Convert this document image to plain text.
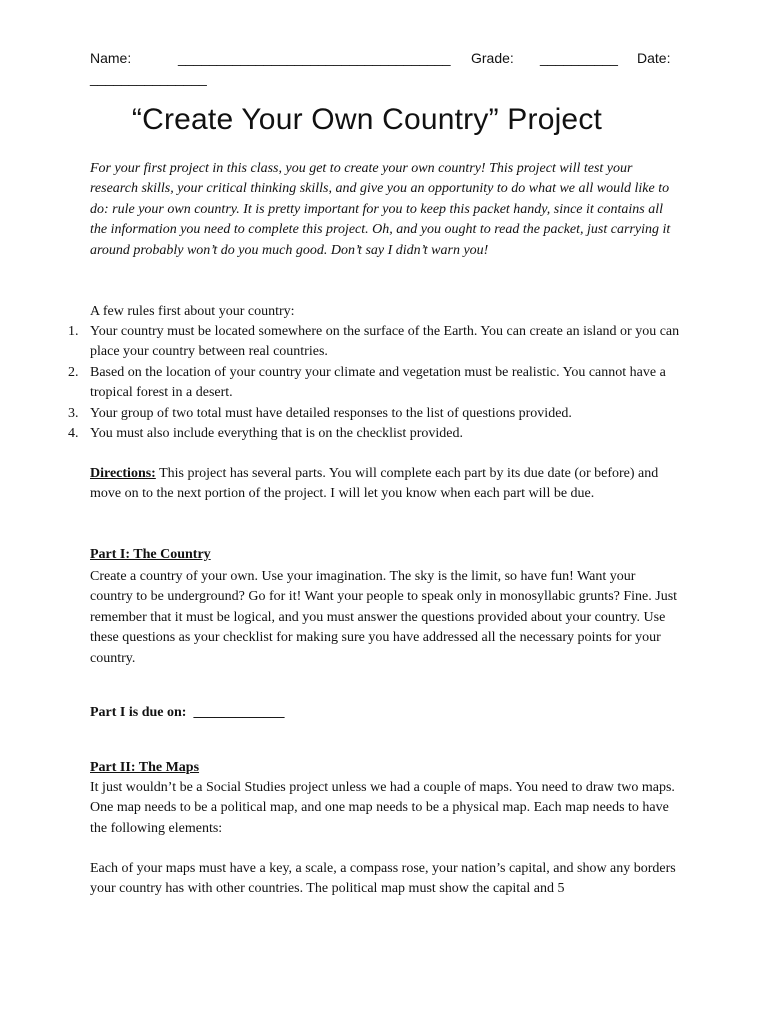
Name:	___________________________________ Grade: __________ Date:
_______________
“Create Your Own Country” Project

For your first project in this class, you get to create your own country! This project will test your research skills, your critical thinking skills, and give you an opportunity to do what we all would like to do: rule your own country. It is pretty important for you to keep this packet handy, since it contains all the information you need to complete this project. Oh, and you ought to read the packet, just carrying it around probably won’t do you much good. Don’t say I didn’t warn you!

A few rules first about your country:

1. Your country must be located somewhere on the surface of the Earth. You can create an island or you can place your country between real countries.
2. Based on the location of your country your climate and vegetation must be realistic. You cannot have a tropical forest in a desert.
3. Your group of two total must have detailed responses to the list of questions provided.
4. You must also include everything that is on the checklist provided.

Directions: This project has several parts. You will complete each part by its due date (or before) and move on to the next portion of the project. I will let you know when each part will be due.

Part I: The Country

Create a country of your own. Use your imagination. The sky is the limit, so have fun! Want your country to be underground? Go for it! Want your people to speak only in monosyllabic grunts? Fine. Just remember that it must be logical, and you must answer the questions provided about your country. Use these questions as your checklist for making sure you have addressed all the necessary points for your country.

Part I is due on: _____________

Part II: The Maps

It just wouldn’t be a Social Studies project unless we had a couple of maps. You need to draw two maps. One map needs to be a political map, and one map needs to be a physical map. Each map needs to have the following elements:

Each of your maps must have a key, a scale, a compass rose, your nation’s capital, and show any borders your country has with other countries. The political map must show the capital and 5
